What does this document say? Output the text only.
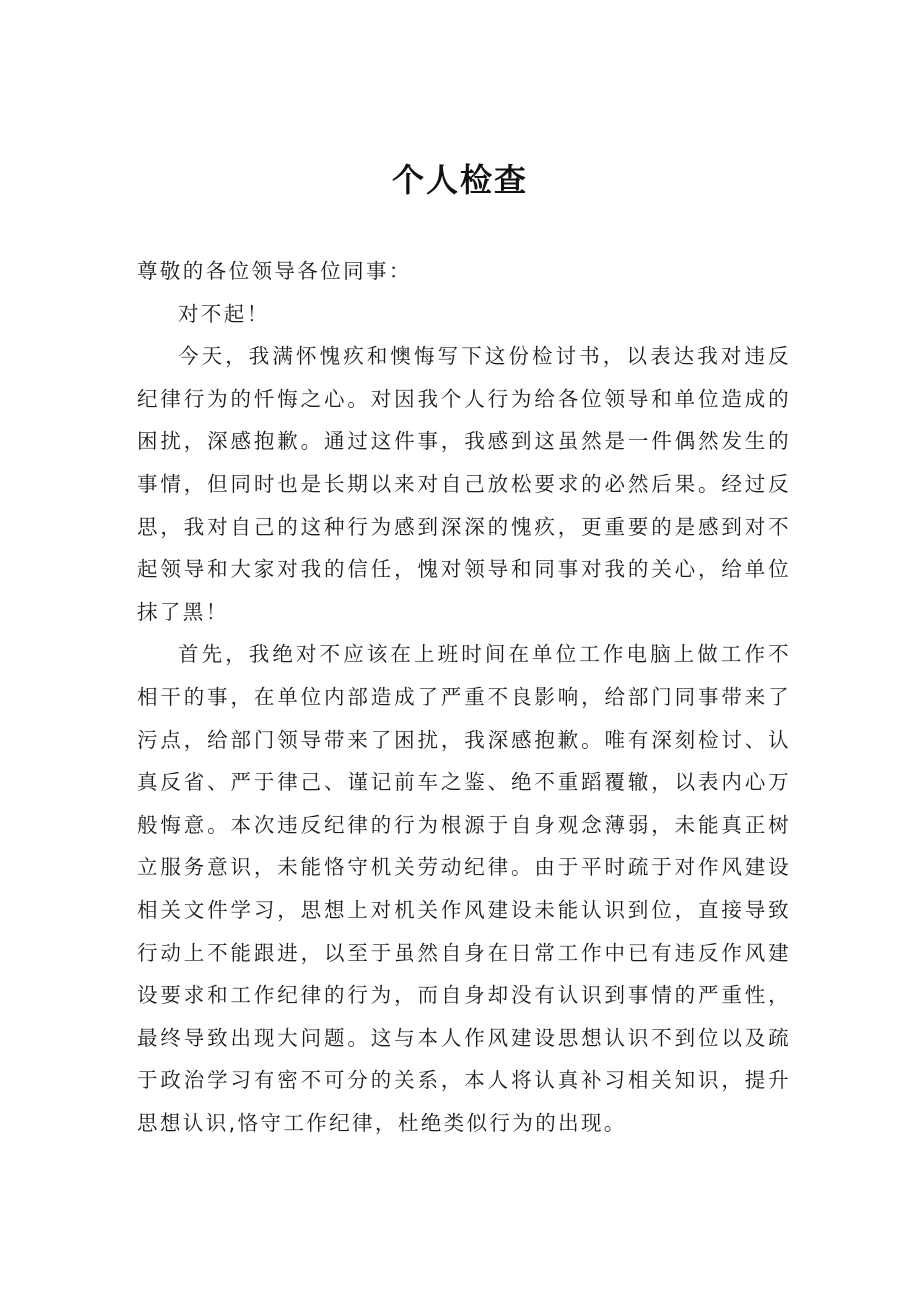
个人检查

尊敬的各位领导各位同事：

对不起！

今天，我满怀愧疚和懊悔写下这份检讨书，以表达我对违反纪律行为的忏悔之心。对因我个人行为给各位领导和单位造成的困扰，深感抱歉。通过这件事，我感到这虽然是一件偶然发生的事情，但同时也是长期以来对自己放松要求的必然后果。经过反思，我对自己的这种行为感到深深的愧疚，更重要的是感到对不起领导和大家对我的信任，愧对领导和同事对我的关心，给单位抹了黑！

首先，我绝对不应该在上班时间在单位工作电脑上做工作不相干的事，在单位内部造成了严重不良影响，给部门同事带来了污点，给部门领导带来了困扰，我深感抱歉。唯有深刻检讨、认真反省、严于律己、谨记前车之鉴、绝不重蹈覆辙，以表内心万般悔意。本次违反纪律的行为根源于自身观念薄弱，未能真正树立服务意识，未能恪守机关劳动纪律。由于平时疏于对作风建设相关文件学习，思想上对机关作风建设未能认识到位，直接导致行动上不能跟进，以至于虽然自身在日常工作中已有违反作风建设要求和工作纪律的行为，而自身却没有认识到事情的严重性，最终导致出现大问题。这与本人作风建设思想认识不到位以及疏于政治学习有密不可分的关系，本人将认真补习相关知识，提升思想认识,恪守工作纪律，杜绝类似行为的出现。
